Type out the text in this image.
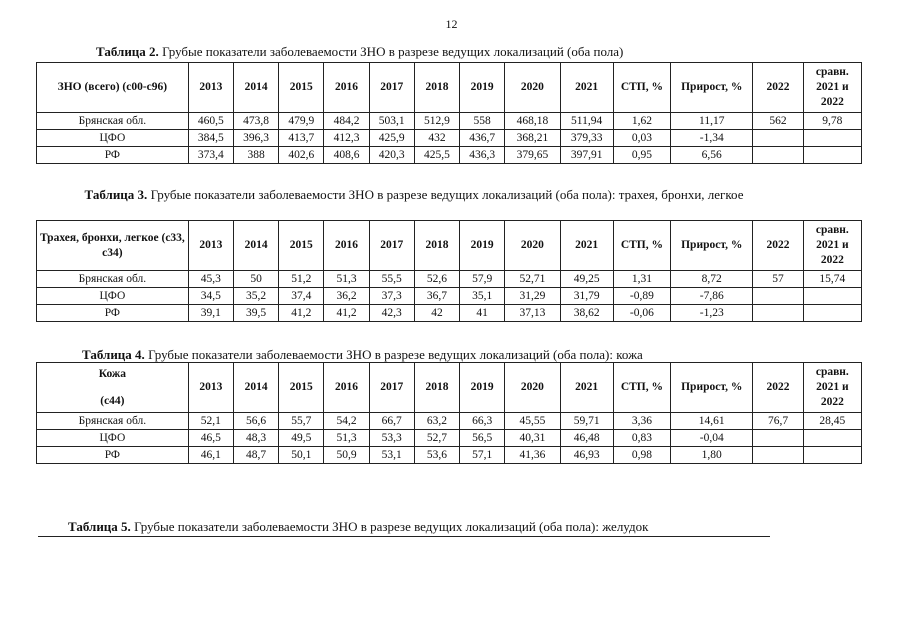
12
Таблица 2. Грубые показатели заболеваемости ЗНО в разрезе ведущих локализаций (оба пола)
ЗНО (всего) (с00-с96)	2013	2014	2015	2016	2017	2018	2019	2020	2021	СТП, %	Прирост, %	2022	сравн. 2021 и 2022
Брянская обл.	460,5	473,8	479,9	484,2	503,1	512,9	558	468,18	511,94	1,62	11,17	562	9,78
ЦФО	384,5	396,3	413,7	412,3	425,9	432	436,7	368,21	379,33	0,03	-1,34		
РФ	373,4	388	402,6	408,6	420,3	425,5	436,3	379,65	397,91	0,95	6,56		
Таблица 3. Грубые показатели заболеваемости ЗНО в разрезе ведущих локализаций (оба пола): трахея, бронхи, легкое
Трахея, бронхи, легкое (с33, с34)	2013	2014	2015	2016	2017	2018	2019	2020	2021	СТП, %	Прирост, %	2022	сравн. 2021 и 2022
Брянская обл.	45,3	50	51,2	51,3	55,5	52,6	57,9	52,71	49,25	1,31	8,72	57	15,74
ЦФО	34,5	35,2	37,4	36,2	37,3	36,7	35,1	31,29	31,79	-0,89	-7,86		
РФ	39,1	39,5	41,2	41,2	42,3	42	41	37,13	38,62	-0,06	-1,23		
Таблица 4. Грубые показатели заболеваемости ЗНО в разрезе ведущих локализаций (оба пола): кожа
Кожа
(с44)	2013	2014	2015	2016	2017	2018	2019	2020	2021	СТП, %	Прирост, %	2022	сравн. 2021 и 2022
Брянская обл.	52,1	56,6	55,7	54,2	66,7	63,2	66,3	45,55	59,71	3,36	14,61	76,7	28,45
ЦФО	46,5	48,3	49,5	51,3	53,3	52,7	56,5	40,31	46,48	0,83	-0,04		
РФ	46,1	48,7	50,1	50,9	53,1	53,6	57,1	41,36	46,93	0,98	1,80		
Таблица 5. Грубые показатели заболеваемости ЗНО в разрезе ведущих локализаций (оба пола): желудок
